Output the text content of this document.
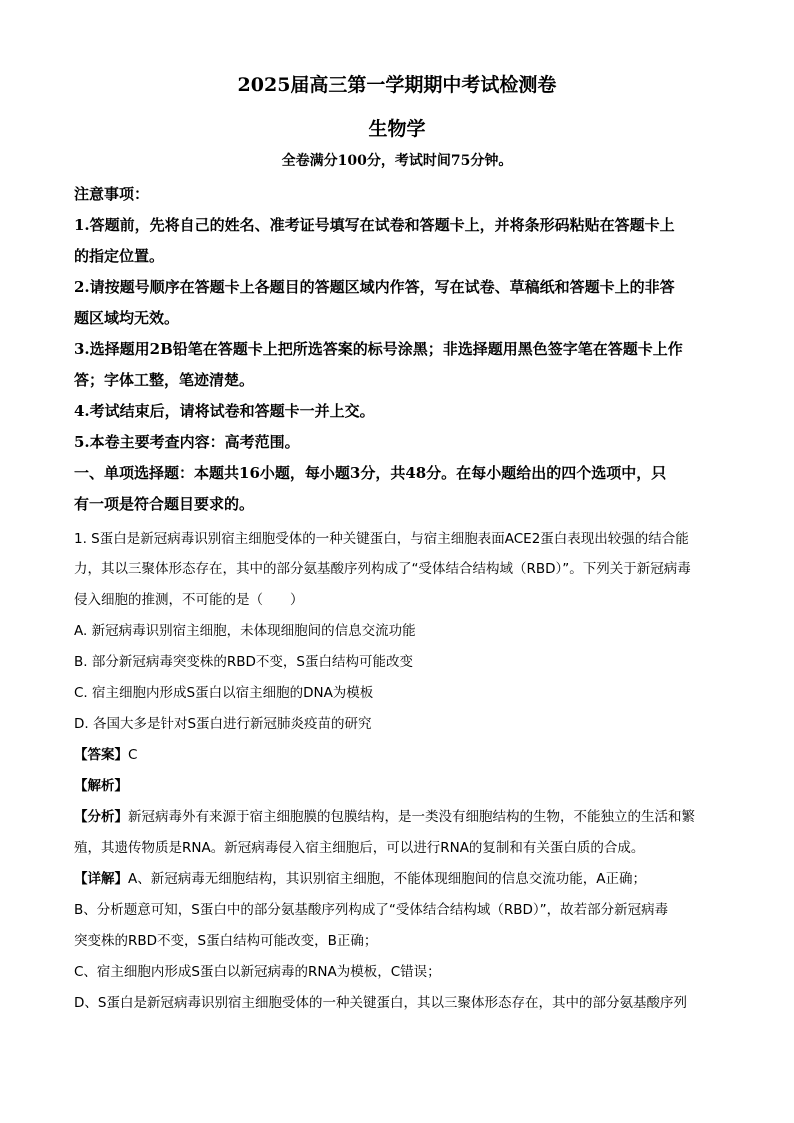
2025届高三第一学期期中考试检测卷
生物学
全卷满分100分，考试时间75分钟。
注意事项：
1.答题前，先将自己的姓名、准考证号填写在试卷和答题卡上，并将条形码粘贴在答题卡上
的指定位置。
2.请按题号顺序在答题卡上各题目的答题区域内作答，写在试卷、草稿纸和答题卡上的非答
题区域均无效。
3.选择题用2B铅笔在答题卡上把所选答案的标号涂黑；非选择题用黑色签字笔在答题卡上作
答；字体工整，笔迹清楚。
4.考试结束后，请将试卷和答题卡一并上交。
5.本卷主要考查内容：高考范围。
一、单项选择题：本题共16小题，每小题3分，共48分。在每小题给出的四个选项中，只
有一项是符合题目要求的。
1. S蛋白是新冠病毒识别宿主细胞受体的一种关键蛋白，与宿主细胞表面ACE2蛋白表现出较强的结合能
力，其以三聚体形态存在，其中的部分氨基酸序列构成了“受体结合结构域（RBD）”。下列关于新冠病毒
侵入细胞的推测，不可能的是（　　）
A. 新冠病毒识别宿主细胞，未体现细胞间的信息交流功能
B. 部分新冠病毒突变株的RBD不变，S蛋白结构可能改变
C. 宿主细胞内形成S蛋白以宿主细胞的DNA为模板
D. 各国大多是针对S蛋白进行新冠肺炎疫苗的研究
【答案】C
【解析】
【分析】新冠病毒外有来源于宿主细胞膜的包膜结构，是一类没有细胞结构的生物，不能独立的生活和繁
殖，其遗传物质是RNA。新冠病毒侵入宿主细胞后，可以进行RNA的复制和有关蛋白质的合成。
【详解】A、新冠病毒无细胞结构，其识别宿主细胞，不能体现细胞间的信息交流功能，A正确；
B、分析题意可知，S蛋白中的部分氨基酸序列构成了“受体结合结构域（RBD）”，故若部分新冠病毒
突变株的RBD不变，S蛋白结构可能改变，B正确；
C、宿主细胞内形成S蛋白以新冠病毒的RNA为模板，C错误；
D、S蛋白是新冠病毒识别宿主细胞受体的一种关键蛋白，其以三聚体形态存在，其中的部分氨基酸序列
